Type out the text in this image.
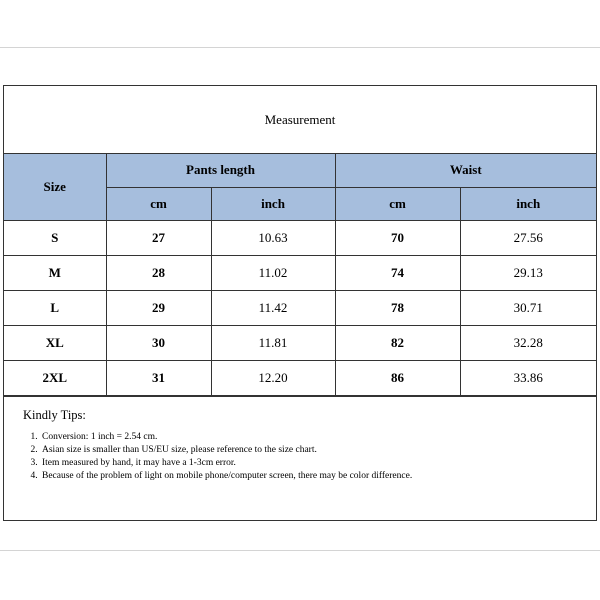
Measurement
Size	Pants length		Waist	
	cm	inch	cm	inch
S	27	10.63	70	27.56
M	28	11.02	74	29.13
L	29	11.42	78	30.71
XL	30	11.81	82	32.28
2XL	31	12.20	86	33.86
Kindly Tips:
1. Conversion: 1 inch = 2.54 cm.
2. Asian size is smaller than US/EU size, please reference to the size chart.
3. Item measured by hand, it may have a 1-3cm error.
4. Because of the problem of light on mobile phone/computer screen, there may be color difference.
